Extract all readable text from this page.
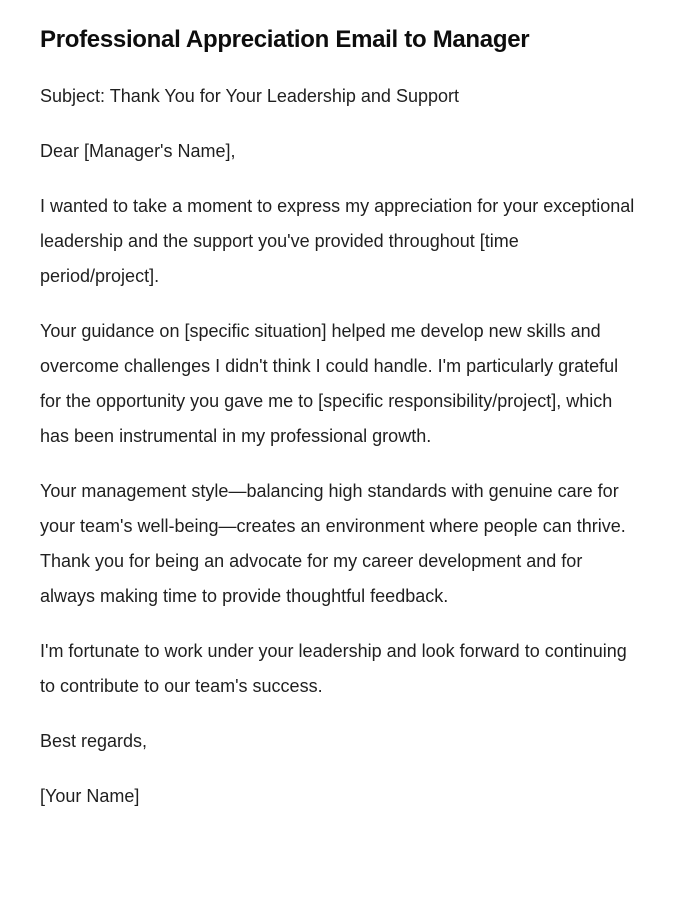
Professional Appreciation Email to Manager

Subject: Thank You for Your Leadership and Support

Dear [Manager's Name],

I wanted to take a moment to express my appreciation for your exceptional leadership and the support you've provided throughout [time period/project].

Your guidance on [specific situation] helped me develop new skills and overcome challenges I didn't think I could handle. I'm particularly grateful for the opportunity you gave me to [specific responsibility/project], which has been instrumental in my professional growth.

Your management style—balancing high standards with genuine care for your team's well-being—creates an environment where people can thrive. Thank you for being an advocate for my career development and for always making time to provide thoughtful feedback.

I'm fortunate to work under your leadership and look forward to continuing to contribute to our team's success.

Best regards,

[Your Name]
